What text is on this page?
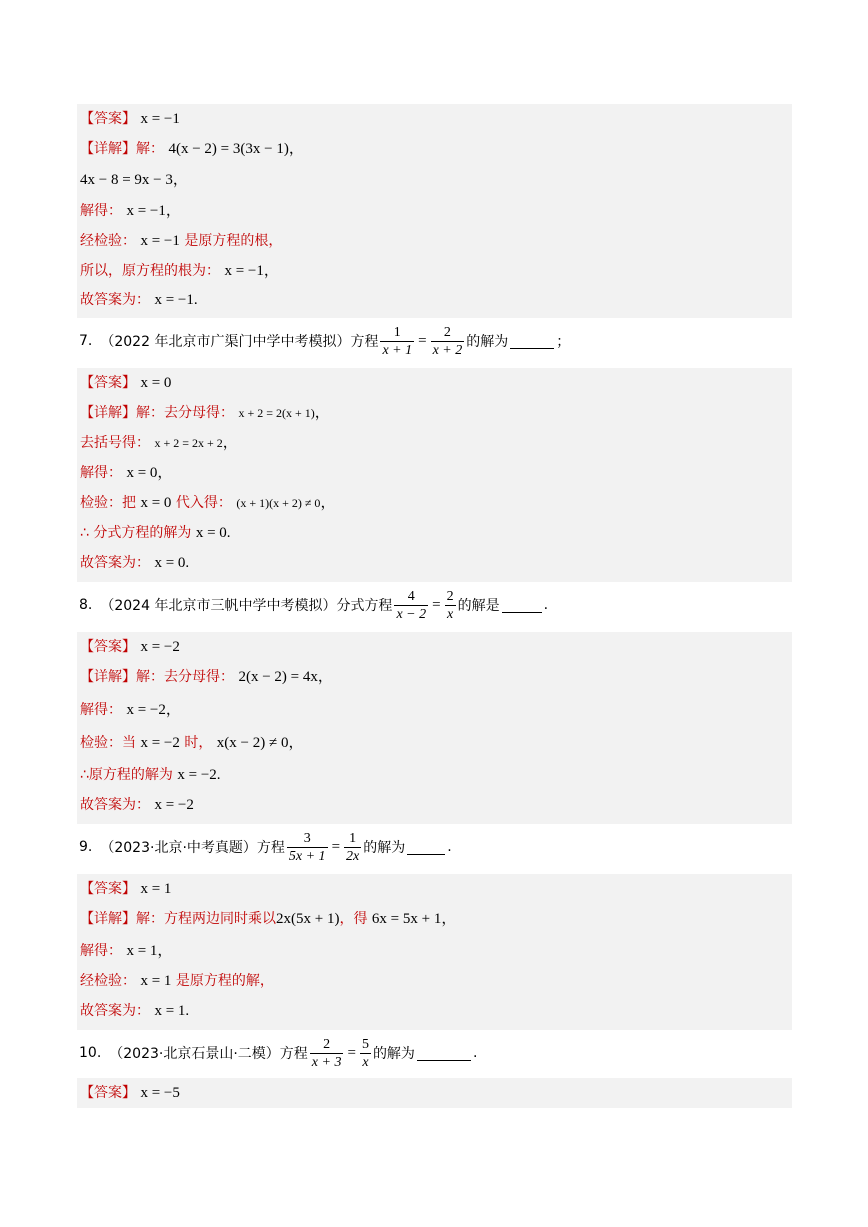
【答案】 x = −1
【详解】解： 4(x − 2) = 3(3x − 1)，
4x − 8 = 9x − 3，
解得： x = −1，
经检验： x = −1 是原方程的根，
所以，原方程的根为： x = −1，
故答案为： x = −1.
7. （2022 年北京市广渠门中学中考模拟）方程 $\frac{1}{x + 1} = \frac{2}{x + 2}$ 的解为	；
【答案】 x = 0
【详解】解：去分母得： x + 2 = 2(x + 1)，
去括号得： x + 2 = 2x + 2，
解得： x = 0，
检验：把 x = 0 代入得： (x + 1)(x + 2) ≠ 0，
∴ 分式方程的解为 x = 0.
故答案为： x = 0.
8. （2024 年北京市三帆中学中考模拟）分式方程 $\frac{4}{x - 2} = \frac{2}{x}$ 的解是	.
【答案】 x = −2
【详解】解：去分母得： 2(x − 2) = 4x，
解得： x = −2，
检验：当 x = −2 时， x(x − 2) ≠ 0，
∴原方程的解为 x = −2.
故答案为： x = −2
9. （2023·北京·中考真题）方程 $\frac{3}{5x + 1} = \frac{1}{2x}$ 的解为	.
【答案】 x = 1
【详解】解：方程两边同时乘以2x(5x + 1)，得 6x = 5x + 1，
解得： x = 1，
经检验： x = 1 是原方程的解，
故答案为： x = 1.
10. （2023·北京石景山·二模）方程 $\frac{2}{x + 3} = \frac{5}{x}$ 的解为	.
【答案】 x = −5
